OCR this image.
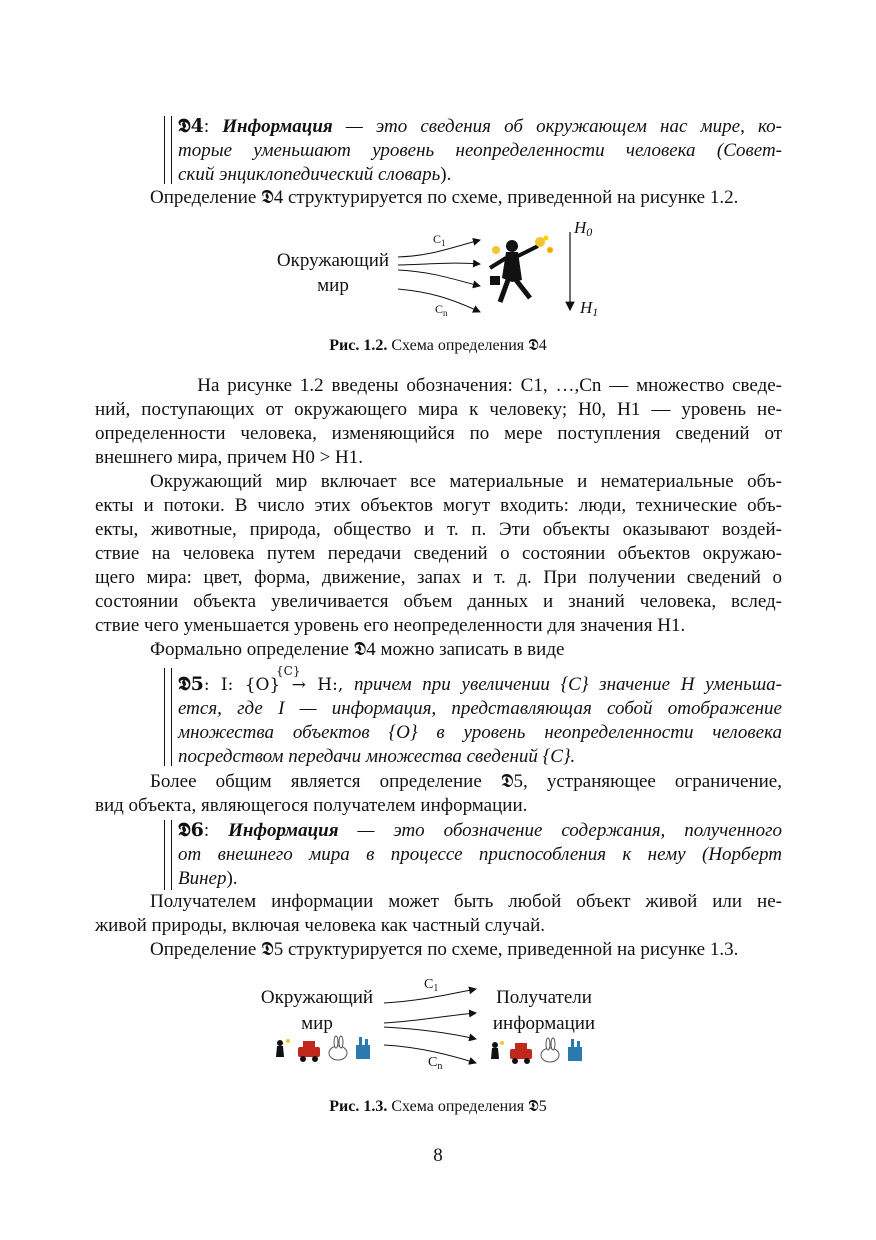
𝕯4: Информация — это сведения об окружающем нас мире, ко-
торые уменьшают уровень неопределенности человека (Совет-
ский энциклопедический словарь).
Определение 𝕯4 структурируется по схеме, приведенной на рисунке 1.2.
Окружающий
мир
$C_1$
$C_n$
$H_0$
$H_1$
Рис. 1.2. Схема определения 𝕯4
На рисунке 1.2 введены обозначения: C1, …,Cn — множество сведе-
ний, поступающих от окружающего мира к человеку; H0, H1 — уровень не-
определенности человека, изменяющийся по мере поступления сведений от
внешнего мира, причем H0 > H1.
Окружающий мир включает все материальные и нематериальные объ-
екты и потоки. В число этих объектов могут входить: люди, технические объ-
екты, животные, природа, общество и т. п. Эти объекты оказывают воздей-
ствие на человека путем передачи сведений о состоянии объектов окружаю-
щего мира: цвет, форма, движение, запах и т. д. При получении сведений о
состоянии объекта увеличивается объем данных и знаний человека, вслед-
ствие чего уменьшается уровень его неопределенности для значения H1.
Формально определение 𝕯4 можно записать в виде
𝕯5: I: {O} → H:, причем при увеличении {C} значение H уменьша-
{C}
ется, где I — информация, представляющая собой отображение
множества объектов {O} в уровень неопределенности человека
посредством передачи множества сведений {C}.
Более общим является определение 𝕯5, устраняющее ограничение,
вид объекта, являющегося получателем информации.
𝕯6: Информация — это обозначение содержания, полученного
от внешнего мира в процессе приспособления к нему (Норберт
Винер).
Получателем информации может быть любой объект живой или не-
живой природы, включая человека как частный случай.
Определение 𝕯5 структурируется по схеме, приведенной на рисунке 1.3.
Окружающий
мир
Получатели
информации
$C_1$
$C_n$
Рис. 1.3. Схема определения 𝕯5
8
